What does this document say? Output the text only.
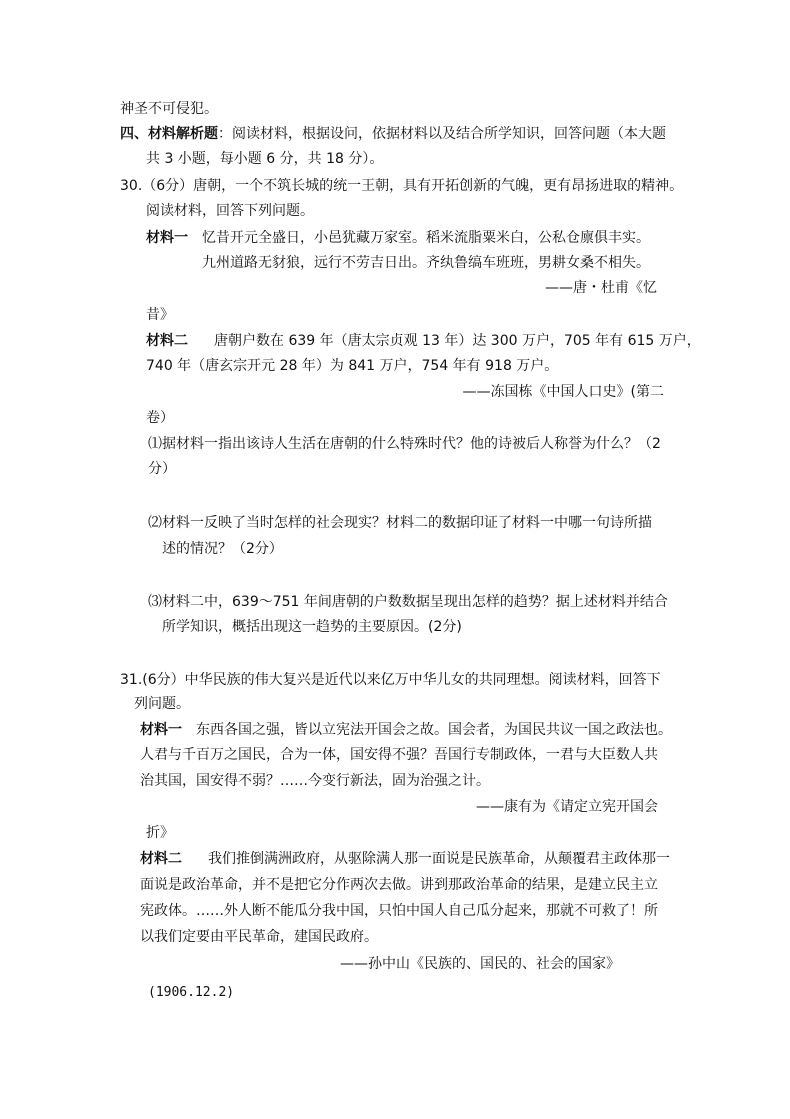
神圣不可侵犯。
四、材料解析题：阅读材料，根据设问，依据材料以及结合所学知识，回答问题（本大题
共 3 小题，每小题 6 分，共 18 分）。
30.（6分）唐朝，一个不筑长城的统一王朝，具有开拓创新的气魄，更有昂扬进取的精神。
阅读材料，回答下列问题。
材料一 忆昔开元全盛日，小邑犹藏万家室。稻米流脂粟米白，公私仓廪俱丰实。
九州道路无豺狼，远行不劳吉日出。齐纨鲁缟车班班，男耕女桑不相失。
——唐・杜甫《忆
昔》
材料二 唐朝户数在 639 年（唐太宗贞观 13 年）达 300 万户，705 年有 615 万户，
740 年（唐玄宗开元 28 年）为 841 万户，754 年有 918 万户。
——冻国栋《中国人口史》(第二
卷）
⑴据材料一指出该诗人生活在唐朝的什么特殊时代？他的诗被后人称誉为什么？（2
分）
⑵材料一反映了当时怎样的社会现实？材料二的数据印证了材料一中哪一句诗所描
述的情况？（2分）
⑶材料二中，639～751 年间唐朝的户数数据呈现出怎样的趋势？据上述材料并结合
所学知识，概括出现这一趋势的主要原因。(2分)
31.(6分）中华民族的伟大复兴是近代以来亿万中华儿女的共同理想。阅读材料，回答下
列问题。
材料一 东西各国之强，皆以立宪法开国会之故。国会者，为国民共议一国之政法也。
人君与千百万之国民，合为一体，国安得不强？吾国行专制政体，一君与大臣数人共
治其国，国安得不弱？……今变行新法，固为治强之计。
——康有为《请定立宪开国会
折》
材料二 我们推倒满洲政府，从驱除满人那一面说是民族革命，从颠覆君主政体那一
面说是政治革命，并不是把它分作两次去做。讲到那政治革命的结果，是建立民主立
宪政体。……外人断不能瓜分我中国，只怕中国人自己瓜分起来，那就不可救了！所
以我们定要由平民革命，建国民政府。
——孙中山《民族的、国民的、社会的国家》
(1906.12.2)
